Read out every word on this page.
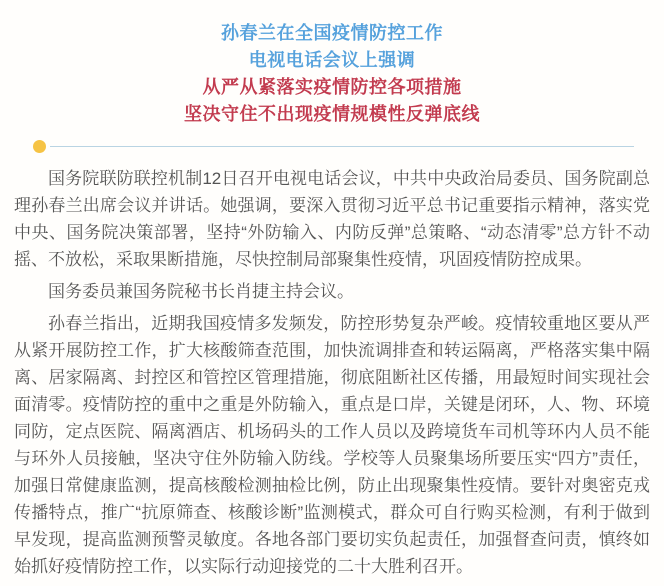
孙春兰在全国疫情防控工作
电视电话会议上强调
从严从紧落实疫情防控各项措施
坚决守住不出现疫情规模性反弹底线

国务院联防联控机制12日召开电视电话会议，中共中央政治局委员、国务院副总理孙春兰出席会议并讲话。她强调，要深入贯彻习近平总书记重要指示精神，落实党中央、国务院决策部署，坚持“外防输入、内防反弹”总策略、“动态清零”总方针不动摇、不放松，采取果断措施，尽快控制局部聚集性疫情，巩固疫情防控成果。

国务委员兼国务院秘书长肖捷主持会议。

孙春兰指出，近期我国疫情多发频发，防控形势复杂严峻。疫情较重地区要从严从紧开展防控工作，扩大核酸筛查范围，加快流调排查和转运隔离，严格落实集中隔离、居家隔离、封控区和管控区管理措施，彻底阻断社区传播，用最短时间实现社会面清零。疫情防控的重中之重是外防输入，重点是口岸，关键是闭环，人、物、环境同防，定点医院、隔离酒店、机场码头的工作人员以及跨境货车司机等环内人员不能与环外人员接触，坚决守住外防输入防线。学校等人员聚集场所要压实“四方”责任，加强日常健康监测，提高核酸检测抽检比例，防止出现聚集性疫情。要针对奥密克戎传播特点，推广“抗原筛查、核酸诊断”监测模式，群众可自行购买检测，有利于做到早发现，提高监测预警灵敏度。各地各部门要切实负起责任，加强督查问责，慎终如始抓好疫情防控工作，以实际行动迎接党的二十大胜利召开。
